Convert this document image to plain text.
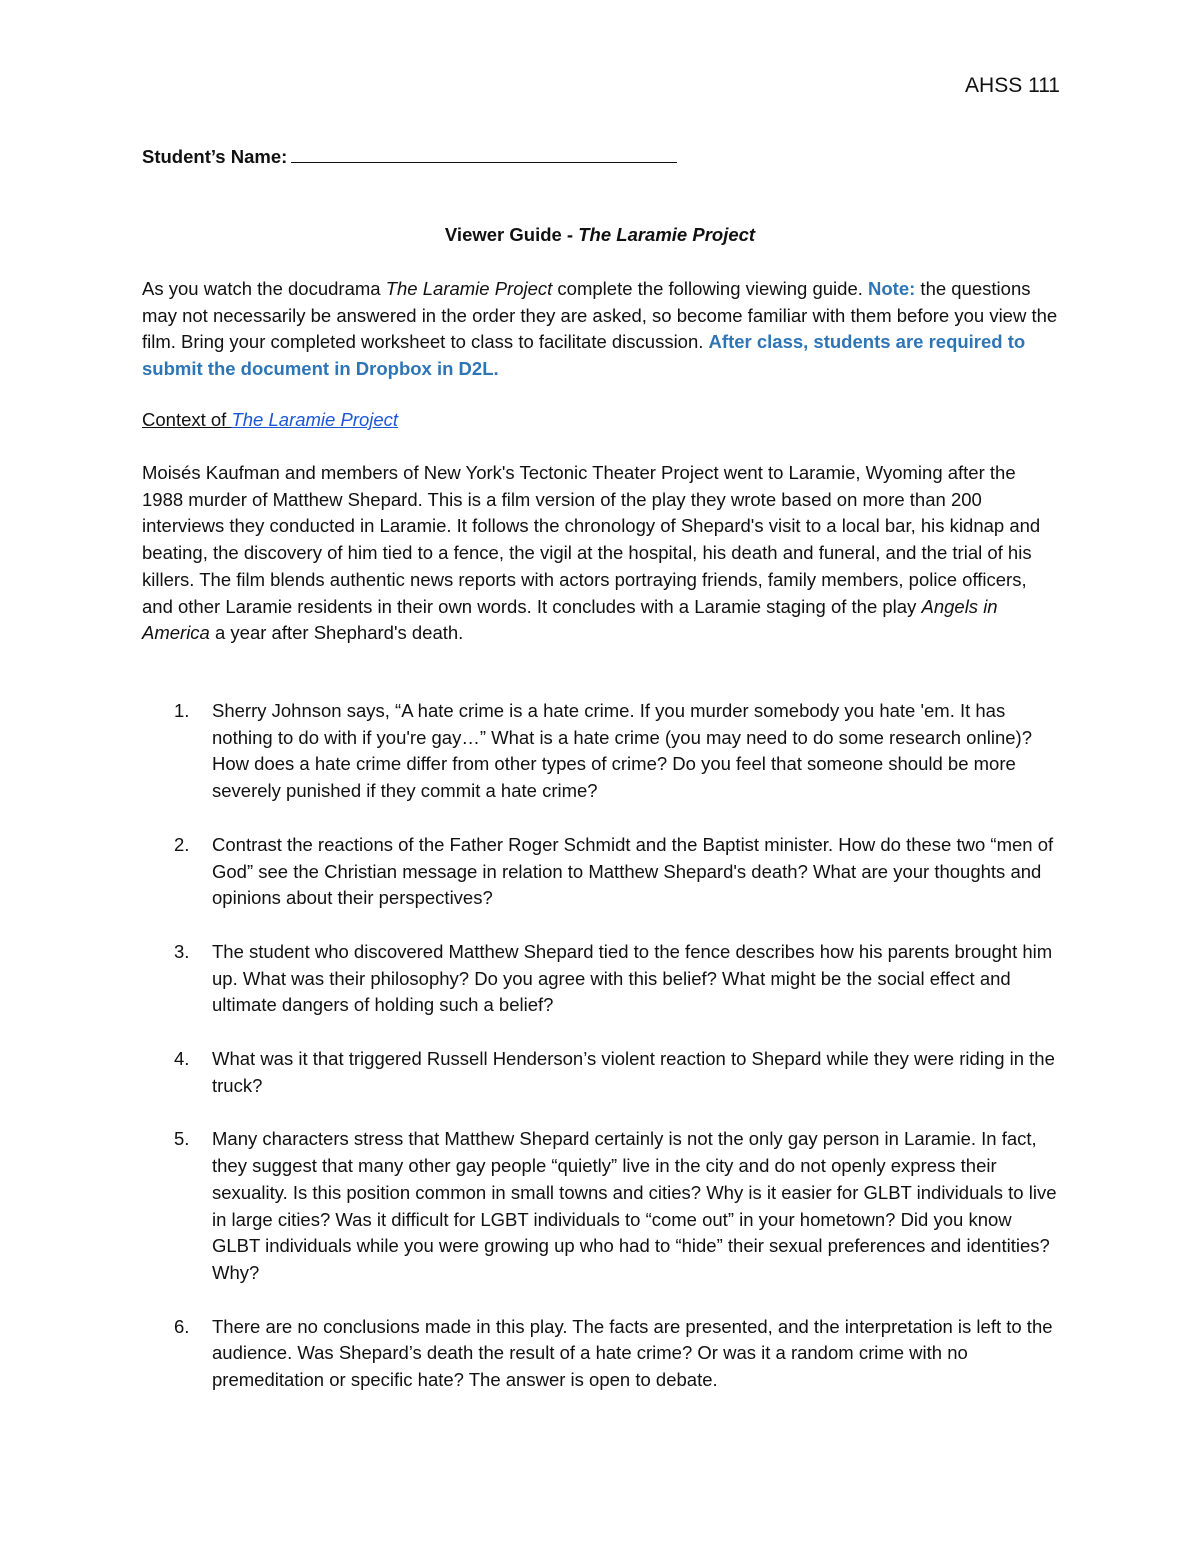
AHSS 111
Student’s Name:
Viewer Guide - The Laramie Project

As you watch the docudrama The Laramie Project complete the following viewing guide. Note: the questions may not necessarily be answered in the order they are asked, so become familiar with them before you view the film. Bring your completed worksheet to class to facilitate discussion. After class, students are required to submit the document in Dropbox in D2L.

Context of The Laramie Project

Moisés Kaufman and members of New York's Tectonic Theater Project went to Laramie, Wyoming after the 1988 murder of Matthew Shepard. This is a film version of the play they wrote based on more than 200 interviews they conducted in Laramie. It follows the chronology of Shepard's visit to a local bar, his kidnap and beating, the discovery of him tied to a fence, the vigil at the hospital, his death and funeral, and the trial of his killers. The film blends authentic news reports with actors portraying friends, family members, police officers, and other Laramie residents in their own words. It concludes with a Laramie staging of the play Angels in America a year after Shephard's death.

1. Sherry Johnson says, “A hate crime is a hate crime. If you murder somebody you hate 'em. It has nothing to do with if you're gay…” What is a hate crime (you may need to do some research online)? How does a hate crime differ from other types of crime? Do you feel that someone should be more severely punished if they commit a hate crime?
2. Contrast the reactions of the Father Roger Schmidt and the Baptist minister. How do these two “men of God” see the Christian message in relation to Matthew Shepard's death? What are your thoughts and opinions about their perspectives?
3. The student who discovered Matthew Shepard tied to the fence describes how his parents brought him up. What was their philosophy? Do you agree with this belief? What might be the social effect and ultimate dangers of holding such a belief?
4. What was it that triggered Russell Henderson’s violent reaction to Shepard while they were riding in the truck?
5. Many characters stress that Matthew Shepard certainly is not the only gay person in Laramie. In fact, they suggest that many other gay people “quietly” live in the city and do not openly express their sexuality. Is this position common in small towns and cities? Why is it easier for GLBT individuals to live in large cities? Was it difficult for LGBT individuals to “come out” in your hometown? Did you know GLBT individuals while you were growing up who had to “hide” their sexual preferences and identities? Why?
6. There are no conclusions made in this play. The facts are presented, and the interpretation is left to the audience. Was Shepard’s death the result of a hate crime? Or was it a random crime with no premeditation or specific hate? The answer is open to debate.
